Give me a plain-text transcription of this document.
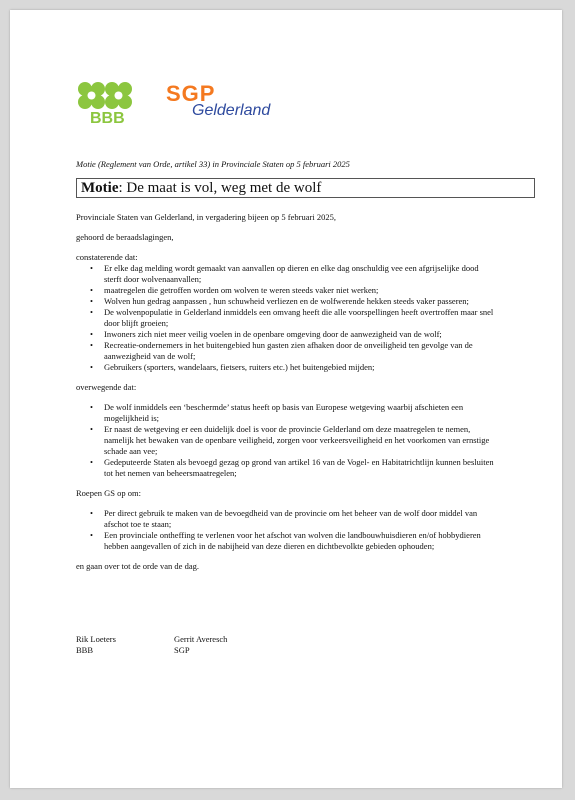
BBB
SGP
Gelderland
Motie (Reglement van Orde, artikel 33) in Provinciale Staten op 5 februari 2025
Motie: De maat is vol, weg met de wolf

Provinciale Staten van Gelderland, in vergadering bijeen op 5 februari 2025,

gehoord de beraadslagingen,

constaterende dat:

• Er elke dag melding wordt gemaakt van aanvallen op dieren en elke dag onschuldig vee een afgrijselijke dood sterft door wolvenaanvallen;
• maatregelen die getroffen worden om wolven te weren steeds vaker niet werken;
• Wolven hun gedrag aanpassen , hun schuwheid verliezen en de wolfwerende hekken steeds vaker passeren;
• De wolvenpopulatie in Gelderland inmiddels een omvang heeft die alle voorspellingen heeft overtroffen maar snel door blijft groeien;
• Inwoners zich niet meer veilig voelen in de openbare omgeving door de aanwezigheid van de wolf;
• Recreatie-ondernemers in het buitengebied hun gasten zien afhaken door de onveiligheid ten gevolge van de aanwezigheid van de wolf;
• Gebruikers (sporters, wandelaars, fietsers, ruiters etc.) het buitengebied mijden;

overwegende dat:

• De wolf inmiddels een ‘beschermde’ status heeft op basis van Europese wetgeving waarbij afschieten een mogelijkheid is;
• Er naast de wetgeving er een duidelijk doel is voor de provincie Gelderland om deze maatregelen te nemen, namelijk het bewaken van de openbare veiligheid, zorgen voor verkeersveiligheid en het voorkomen van ernstige schade aan vee;
• Gedeputeerde Staten als bevoegd gezag op grond van artikel 16 van de Vogel- en Habitatrichtlijn kunnen besluiten tot het nemen van beheersmaatregelen;

Roepen GS op om:

• Per direct gebruik te maken van de bevoegdheid van de provincie om het beheer van de wolf door middel van afschot toe te staan;
• Een provinciale ontheffing te verlenen voor het afschot van wolven die landbouwhuisdieren en/of hobbydieren hebben aangevallen of zich in de nabijheid van deze dieren en dichtbevolkte gebieden ophouden;

en gaan over tot de orde van de dag.

Rik Loeters
BBB
Gerrit Averesch
SGP
